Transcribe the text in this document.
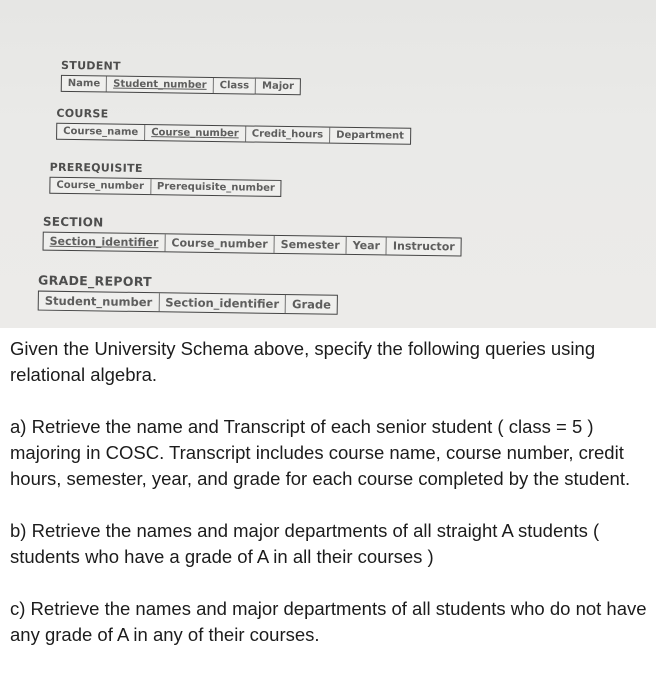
STUDENT
Name	Student_number	Class	Major
COURSE
Course_name	Course_number	Credit_hours	Department
PREREQUISITE
Course_number	Prerequisite_number
SECTION
Section_identifier	Course_number	Semester	Year	Instructor
GRADE_REPORT
Student_number	Section_identifier	Grade

Given the University Schema above, specify the following queries using relational algebra.

a) Retrieve the name and Transcript of each senior student ( class = 5 ) majoring in COSC. Transcript includes course name, course number, credit hours, semester, year, and grade for each course completed by the student.

b) Retrieve the names and major departments of all straight A students ( students who have a grade of A in all their courses )

c) Retrieve the names and major departments of all students who do not have any grade of A in any of their courses.
